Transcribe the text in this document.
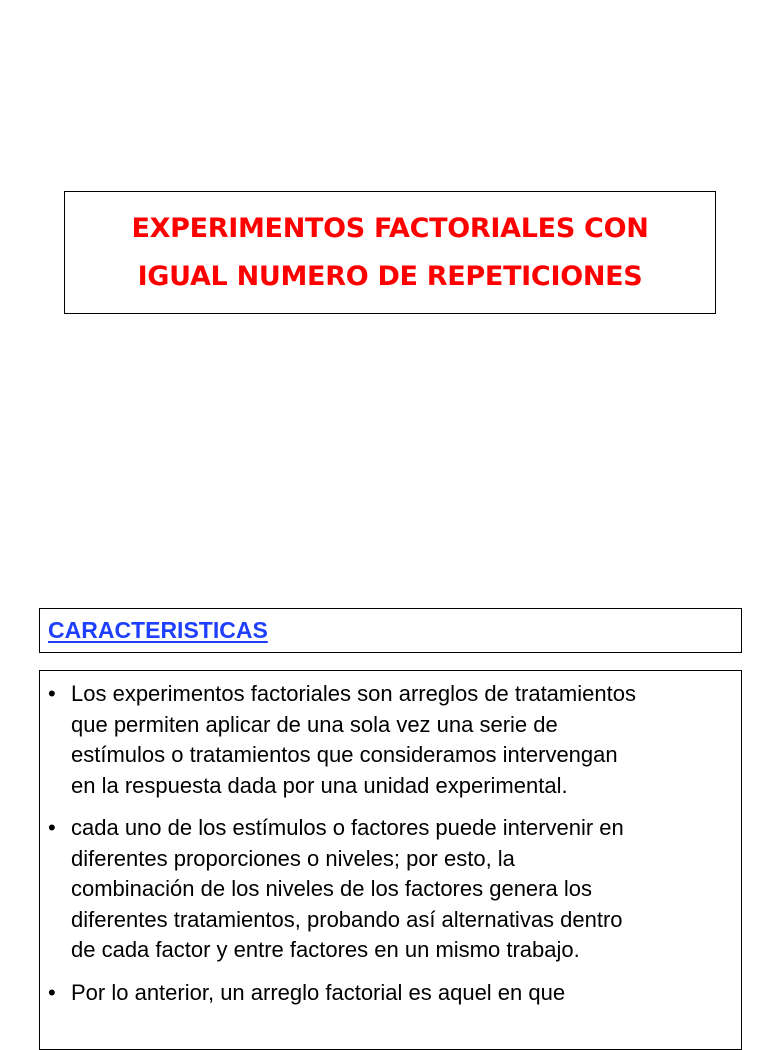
EXPERIMENTOS FACTORIALES CON
IGUAL NUMERO DE REPETICIONES
CARACTERISTICAS
• Los experimentos factoriales son arreglos de tratamientos
que permiten aplicar de una sola vez una serie de
estímulos o tratamientos que consideramos intervengan
en la respuesta dada por una unidad experimental.
• cada uno de los estímulos o factores puede intervenir en
diferentes proporciones o niveles; por esto, la
combinación de los niveles de los factores genera los
diferentes tratamientos, probando así alternativas dentro
de cada factor y entre factores en un mismo trabajo.
• Por lo anterior, un arreglo factorial es aquel en que
